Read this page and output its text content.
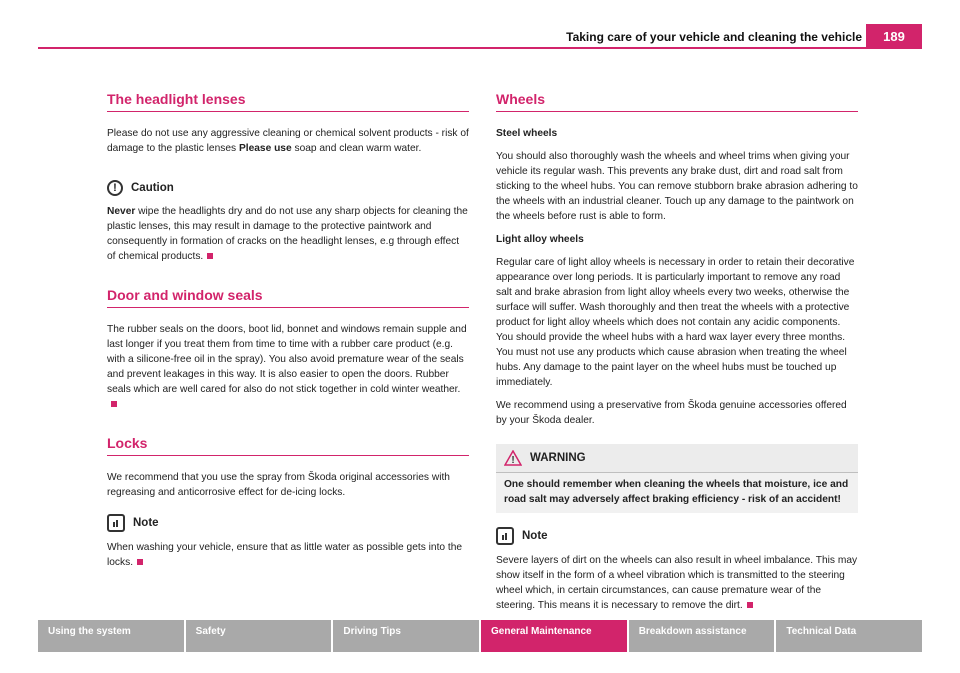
Taking care of your vehicle and cleaning the vehicle	189
The headlight lenses

Please do not use any aggressive cleaning or chemical solvent products - risk of damage to the plastic lenses Please use soap and clean warm water.

!	Caution

Never wipe the headlights dry and do not use any sharp objects for cleaning the plastic lenses, this may result in damage to the protective paintwork and consequently in formation of cracks on the headlight lenses, e.g through effect of chemical products.

Door and window seals

The rubber seals on the doors, boot lid, bonnet and windows remain supple and last longer if you treat them from time to time with a rubber care product (e.g. with a silicone-free oil in the spray). You also avoid premature wear of the seals and prevent leakages in this way. It is also easier to open the doors. Rubber seals which are well cared for also do not stick together in cold winter weather.

Locks

We recommend that you use the spray from Škoda original accessories with regreasing and anticorrosive effect for de-icing locks.

Note

When washing your vehicle, ensure that as little water as possible gets into the locks.

Wheels

Steel wheels

You should also thoroughly wash the wheels and wheel trims when giving your vehicle its regular wash. This prevents any brake dust, dirt and road salt from sticking to the wheel hubs. You can remove stubborn brake abrasion adhering to the wheels with an industrial cleaner. Touch up any damage to the paintwork on the wheels before rust is able to form.

Light alloy wheels

Regular care of light alloy wheels is necessary in order to retain their decorative appearance over long periods. It is particularly important to remove any road salt and brake abrasion from light alloy wheels every two weeks, otherwise the surface will suffer. Wash thoroughly and then treat the wheels with a protective product for light alloy wheels which does not contain any acidic components. You should provide the wheel hubs with a hard wax layer every three months. You must not use any products which cause abrasion when treating the wheel hubs. Any damage to the paint layer on the wheel hubs must be touched up immediately.

We recommend using a preservative from Škoda genuine accessories offered by your Škoda dealer.

! WARNING
One should remember when cleaning the wheels that moisture, ice and road salt may adversely affect braking efficiency - risk of an accident!
Note

Severe layers of dirt on the wheels can also result in wheel imbalance. This may show itself in the form of a wheel vibration which is transmitted to the steering wheel which, in certain circumstances, can cause premature wear of the steering. This means it is necessary to remove the dirt.

Using the system	Safety	Driving Tips	General Maintenance	Breakdown assistance	Technical Data
